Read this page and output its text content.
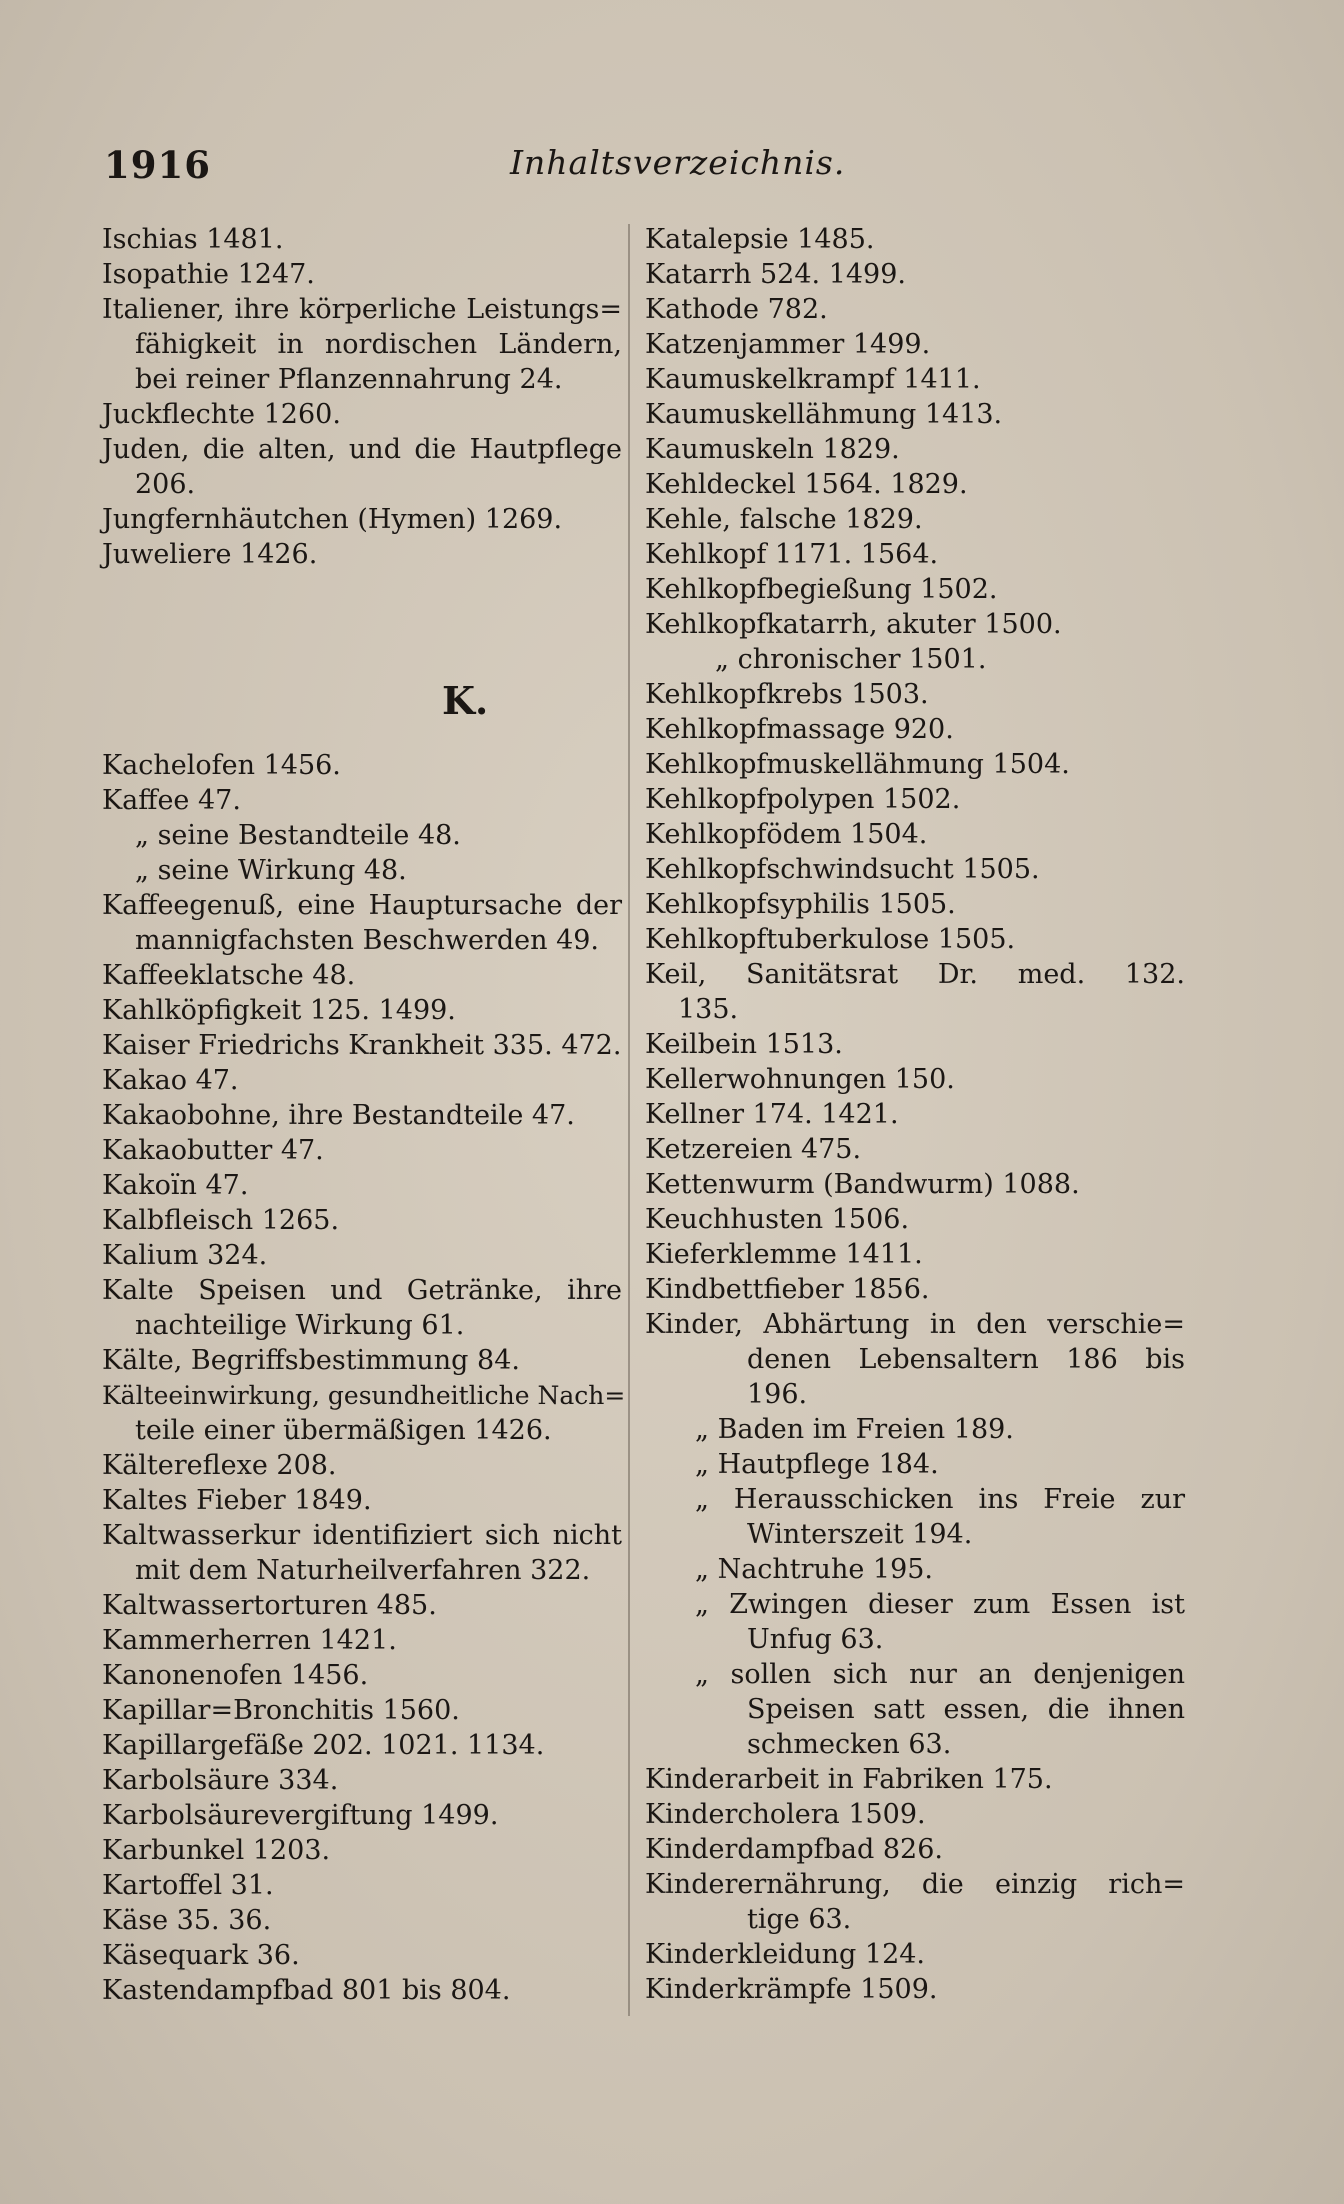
1916	Inhaltsverzeichnis.
Ischias 1481.
Isopathie 1247.
Italiener, ihre körperliche Leistungs=
fähigkeit in nordischen Ländern,
bei reiner Pflanzennahrung 24.
Juckflechte 1260.
Juden, die alten, und die Hautpflege
206.
Jungfernhäutchen (Hymen) 1269.
Juweliere 1426.
K.
Kachelofen 1456.
Kaffee 47.
„ seine Bestandteile 48.
„ seine Wirkung 48.
Kaffeegenuß, eine Hauptursache der
mannigfachsten Beschwerden 49.
Kaffeeklatsche 48.
Kahlköpfigkeit 125. 1499.
Kaiser Friedrichs Krankheit 335. 472.
Kakao 47.
Kakaobohne, ihre Bestandteile 47.
Kakaobutter 47.
Kakoïn 47.
Kalbfleisch 1265.
Kalium 324.
Kalte Speisen und Getränke, ihre
nachteilige Wirkung 61.
Kälte, Begriffsbestimmung 84.
Kälteeinwirkung, gesundheitliche Nach=
teile einer übermäßigen 1426.
Kältereflexe 208.
Kaltes Fieber 1849.
Kaltwasserkur identifiziert sich nicht
mit dem Naturheilverfahren 322.
Kaltwassertorturen 485.
Kammerherren 1421.
Kanonenofen 1456.
Kapillar=Bronchitis 1560.
Kapillargefäße 202. 1021. 1134.
Karbolsäure 334.
Karbolsäurevergiftung 1499.
Karbunkel 1203.
Kartoffel 31.
Käse 35. 36.
Käsequark 36.
Kastendampfbad 801 bis 804.
Katalepsie 1485.
Katarrh 524. 1499.
Kathode 782.
Katzenjammer 1499.
Kaumuskelkrampf 1411.
Kaumuskellähmung 1413.
Kaumuskeln 1829.
Kehldeckel 1564. 1829.
Kehle, falsche 1829.
Kehlkopf 1171. 1564.
Kehlkopfbegießung 1502.
Kehlkopfkatarrh, akuter 1500.
„ chronischer 1501.
Kehlkopfkrebs 1503.
Kehlkopfmassage 920.
Kehlkopfmuskellähmung 1504.
Kehlkopfpolypen 1502.
Kehlkopfödem 1504.
Kehlkopfschwindsucht 1505.
Kehlkopfsyphilis 1505.
Kehlkopftuberkulose 1505.
Keil, Sanitätsrat Dr. med. 132.
135.
Keilbein 1513.
Kellerwohnungen 150.
Kellner 174. 1421.
Ketzereien 475.
Kettenwurm (Bandwurm) 1088.
Keuchhusten 1506.
Kieferklemme 1411.
Kindbettfieber 1856.
Kinder, Abhärtung in den verschie=
denen Lebensaltern 186 bis
196.
„ Baden im Freien 189.
„ Hautpflege 184.
„ Herausschicken ins Freie zur
Winterszeit 194.
„ Nachtruhe 195.
„ Zwingen dieser zum Essen ist
Unfug 63.
„ sollen sich nur an denjenigen
Speisen satt essen, die ihnen
schmecken 63.
Kinderarbeit in Fabriken 175.
Kindercholera 1509.
Kinderdampfbad 826.
Kinderernährung, die einzig rich=
tige 63.
Kinderkleidung 124.
Kinderkrämpfe 1509.
